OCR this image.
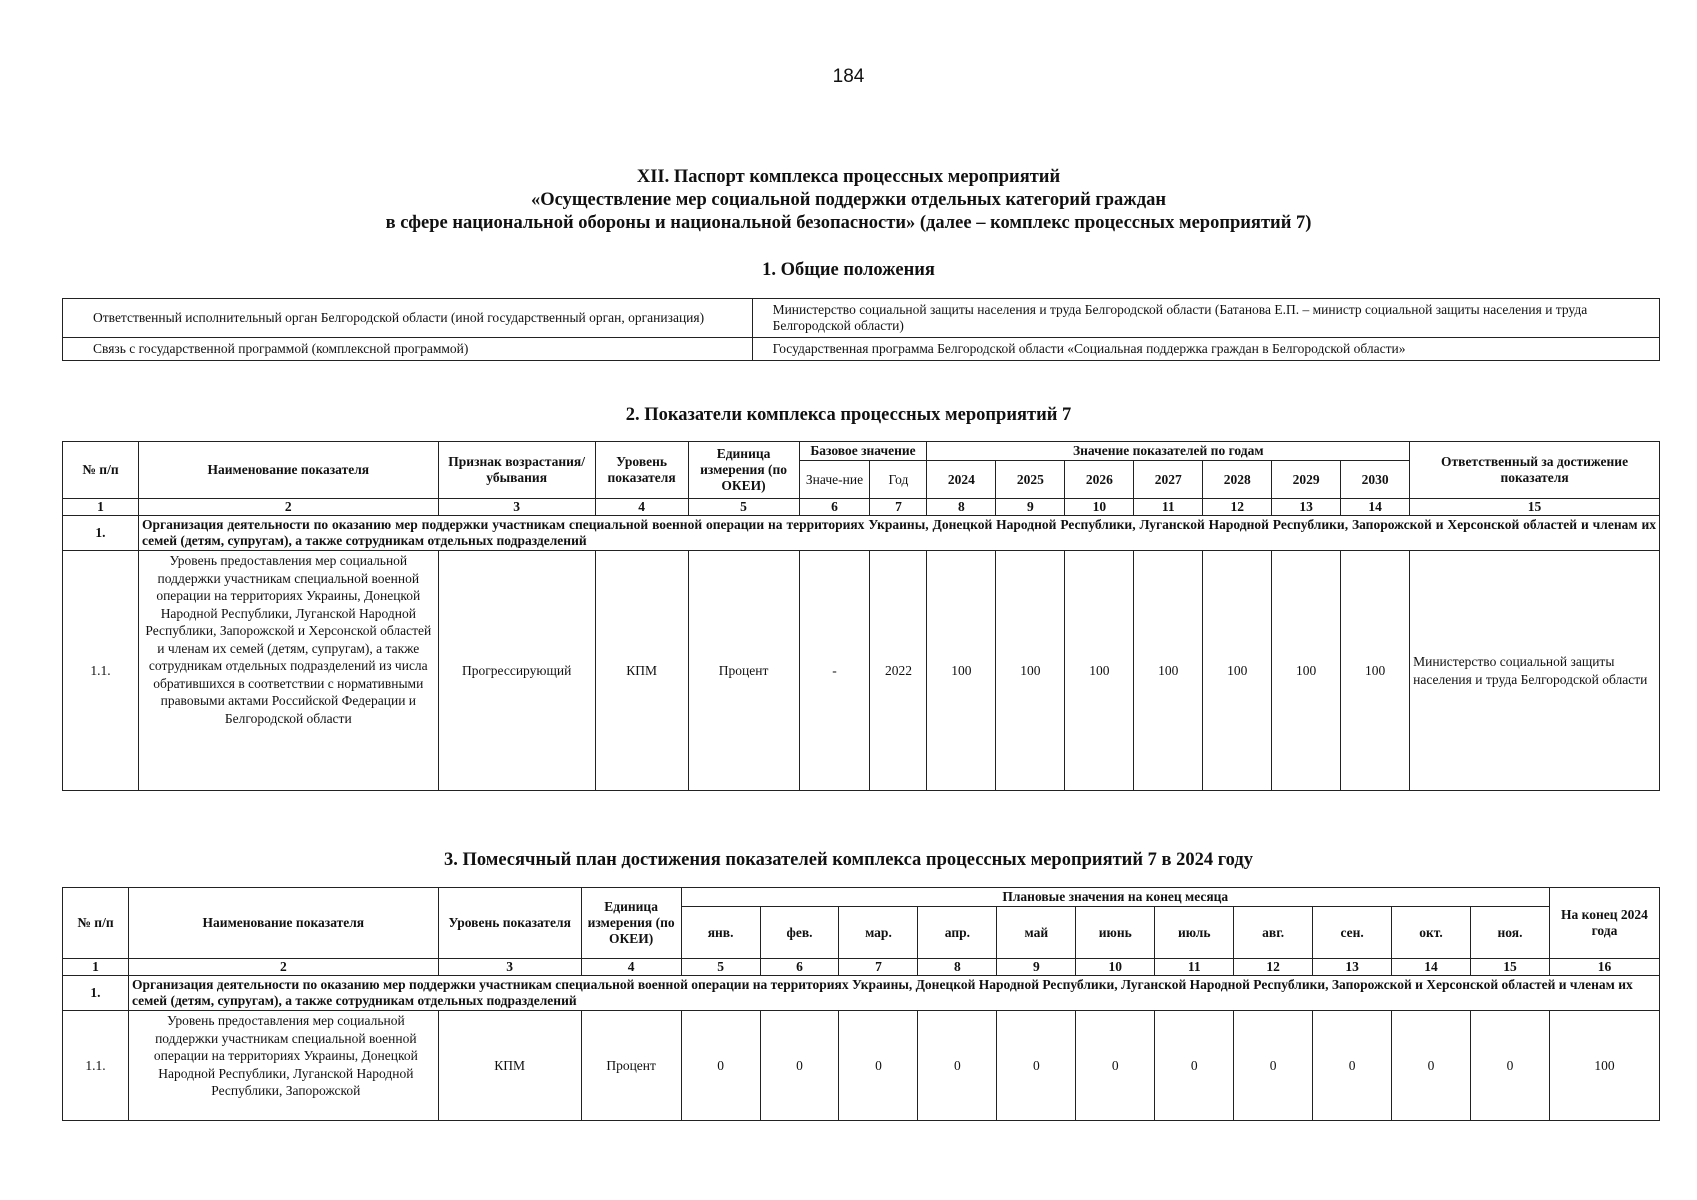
184
XII. Паспорт комплекса процессных мероприятий
«Осуществление мер социальной поддержки отдельных категорий граждан
в сфере национальной обороны и национальной безопасности» (далее – комплекс процессных мероприятий 7)
1. Общие положения
Ответственный исполнительный орган Белгородской области (иной государственный орган, организация)	Министерство социальной защиты населения и труда Белгородской области (Батанова Е.П. – министр социальной защиты населения и труда Белгородской области)
Связь с государственной программой (комплексной программой)	Государственная программа Белгородской области «Социальная поддержка граждан в Белгородской области»
2. Показатели комплекса процессных мероприятий 7
№ п/п	Наименование показателя	Признак возрастания/ убывания	Уровень показателя	Единица измерения (по ОКЕИ)	Базовое значение		Значение показателей по годам							Ответственный за достижение показателя
					Значе-ние	Год	2024	2025	2026	2027	2028	2029	2030	
1	2	3	4	5	6	7	8	9	10	11	12	13	14	15
1.	Организация деятельности по оказанию мер поддержки участникам специальной военной операции на территориях Украины, Донецкой Народной Республики, Луганской Народной Республики, Запорожской и Херсонской областей и членам их семей (детям, супругам), а также сотрудникам отдельных подразделений													
1.1.	Уровень предоставления мер социальной поддержки участникам специальной военной операции на территориях Украины, Донецкой Народной Республики, Луганской Народной Республики, Запорожской и Херсонской областей и членам их семей (детям, супругам), а также сотрудникам отдельных подразделений из числа обратившихся в соответствии с нормативными правовыми актами Российской Федерации и Белгородской области	Прогрессирующий	КПМ	Процент	-	2022	100	100	100	100	100	100	100	Министерство социальной защиты населения и труда Белгородской области
3. Помесячный план достижения показателей комплекса процессных мероприятий 7 в 2024 году
№ п/п	Наименование показателя	Уровень показателя	Единица измерения (по ОКЕИ)	Плановые значения на конец месяца											На конец 2024 года
				янв.	фев.	мар.	апр.	май	июнь	июль	авг.	сен.	окт.	ноя.	
1	2	3	4	5	6	7	8	9	10	11	12	13	14	15	16
1.	Организация деятельности по оказанию мер поддержки участникам специальной военной операции на территориях Украины, Донецкой Народной Республики, Луганской Народной Республики, Запорожской и Херсонской областей и членам их семей (детям, супругам), а также сотрудникам отдельных подразделений														
1.1.	Уровень предоставления мер социальной поддержки участникам специальной военной операции на территориях Украины, Донецкой Народной Республики, Луганской Народной Республики, Запорожской	КПМ	Процент	0	0	0	0	0	0	0	0	0	0	0	100
